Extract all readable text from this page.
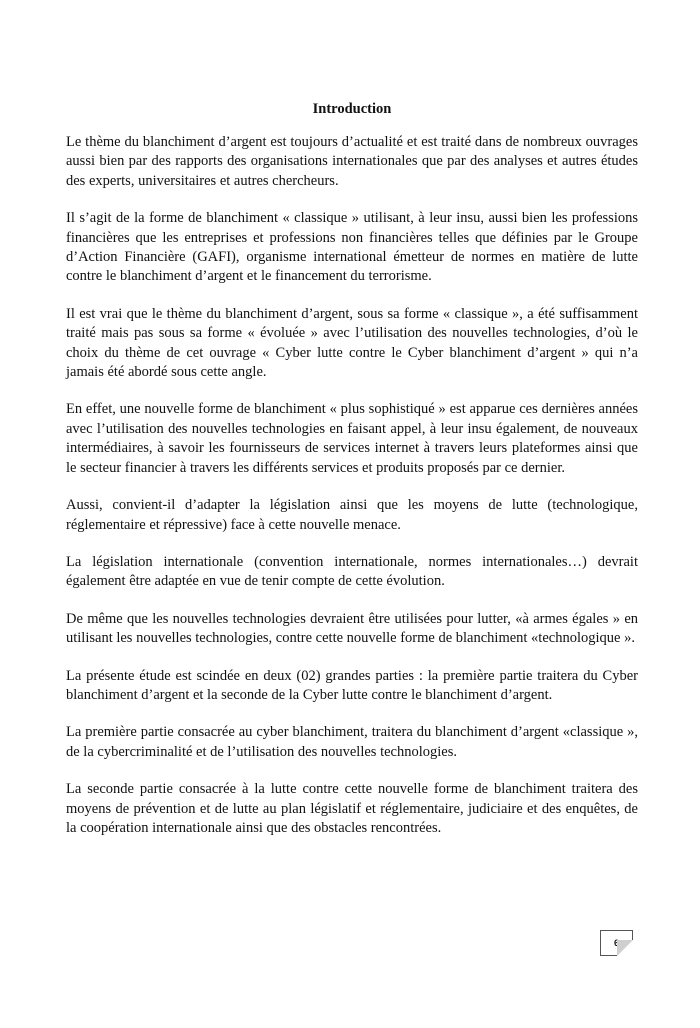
Introduction

Le thème du blanchiment d’argent est toujours d’actualité et est traité dans de nombreux ouvrages aussi bien par des rapports des organisations internationales que par des analyses et autres études des experts, universitaires et autres chercheurs.

Il s’agit de la forme de blanchiment « classique » utilisant, à leur insu, aussi bien les professions financières que les entreprises et professions non financières telles que définies par le Groupe d’Action Financière (GAFI), organisme international émetteur de normes en matière de lutte contre le blanchiment d’argent et le financement du terrorisme.

Il est vrai que le thème du blanchiment d’argent, sous sa forme « classique », a été suffisamment traité mais pas sous sa forme « évoluée » avec l’utilisation des nouvelles technologies, d’où le choix du thème de cet ouvrage « Cyber lutte contre le Cyber blanchiment d’argent » qui n’a jamais été abordé sous cette angle.

En effet, une nouvelle forme de blanchiment « plus sophistiqué » est apparue ces dernières années avec l’utilisation des nouvelles technologies en faisant appel, à leur insu également, de nouveaux intermédiaires, à savoir les fournisseurs de services internet à travers leurs plateformes ainsi que le secteur financier à travers les différents services et produits proposés par ce dernier.

Aussi, convient-il d’adapter la législation ainsi que les moyens de lutte (technologique, réglementaire et répressive) face à cette nouvelle menace.

La législation internationale (convention internationale, normes internationales…) devrait également être adaptée en vue de tenir compte de cette évolution.

De même que les nouvelles technologies devraient être utilisées pour lutter, «à armes égales » en utilisant les nouvelles technologies, contre cette nouvelle forme de blanchiment «technologique ».

La présente étude est scindée en deux (02) grandes parties : la première partie traitera du Cyber blanchiment d’argent et la seconde de la Cyber lutte contre le blanchiment d’argent.

La première partie consacrée au cyber blanchiment, traitera du blanchiment d’argent «classique », de la cybercriminalité et de l’utilisation des nouvelles technologies.

La seconde partie consacrée à la lutte contre cette nouvelle forme de blanchiment traitera des moyens de prévention et de lutte au plan législatif et réglementaire, judiciaire et des enquêtes, de la coopération internationale ainsi que des obstacles rencontrées.

6
